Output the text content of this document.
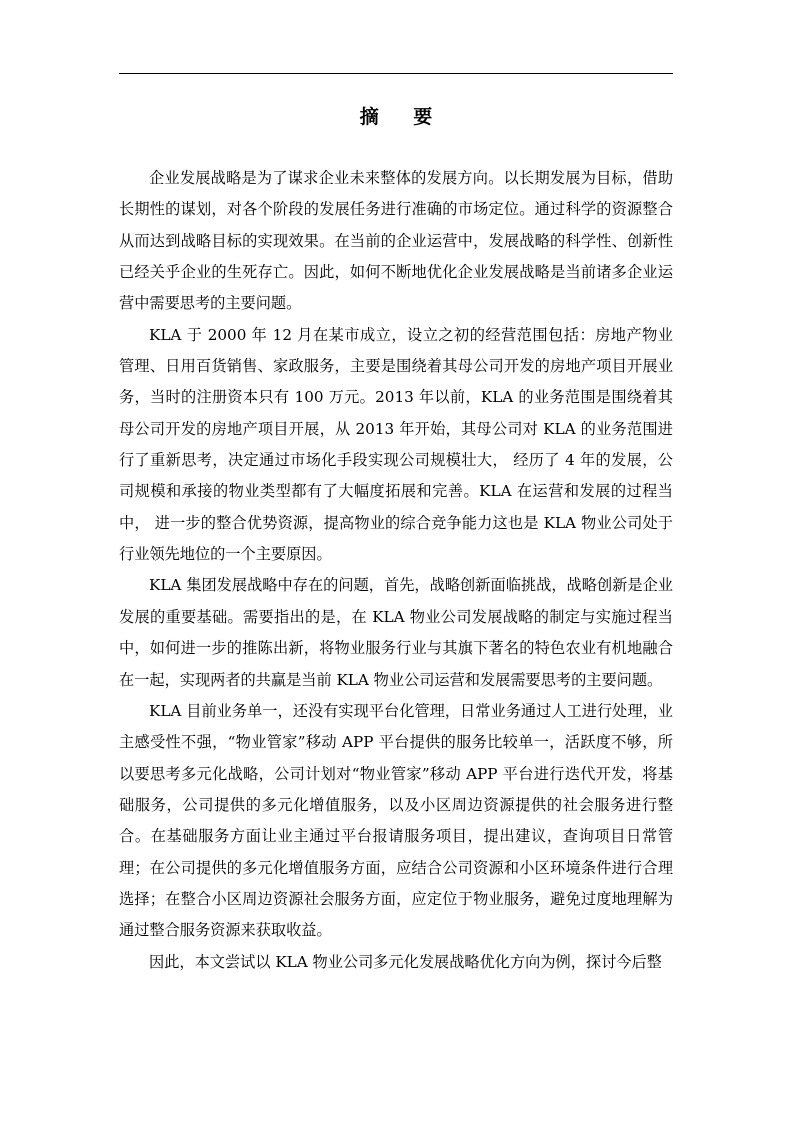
摘 要

企业发展战略是为了谋求企业未来整体的发展方向。以长期发展为目标，借助长期性的谋划，对各个阶段的发展任务进行准确的市场定位。通过科学的资源整合从而达到战略目标的实现效果。在当前的企业运营中，发展战略的科学性、创新性已经关乎企业的生死存亡。因此，如何不断地优化企业发展战略是当前诸多企业运营中需要思考的主要问题。

KLA 于 2000 年 12 月在某市成立，设立之初的经营范围包括：房地产物业管理、日用百货销售、家政服务，主要是围绕着其母公司开发的房地产项目开展业务，当时的注册资本只有 100 万元。2013 年以前，KLA 的业务范围是围绕着其母公司开发的房地产项目开展，从 2013 年开始，其母公司对 KLA 的业务范围进行了重新思考，决定通过市场化手段实现公司规模壮大， 经历了 4 年的发展，公司规模和承接的物业类型都有了大幅度拓展和完善。KLA 在运营和发展的过程当中， 进一步的整合优势资源，提高物业的综合竞争能力这也是 KLA 物业公司处于行业领先地位的一个主要原因。

KLA 集团发展战略中存在的问题，首先，战略创新面临挑战，战略创新是企业发展的重要基础。需要指出的是，在 KLA 物业公司发展战略的制定与实施过程当中，如何进一步的推陈出新，将物业服务行业与其旗下著名的特色农业有机地融合在一起，实现两者的共赢是当前 KLA 物业公司运营和发展需要思考的主要问题。

KLA 目前业务单一，还没有实现平台化管理，日常业务通过人工进行处理，业主感受性不强，“物业管家”移动 APP 平台提供的服务比较单一，活跃度不够，所以要思考多元化战略，公司计划对“物业管家”移动 APP 平台进行迭代开发，将基础服务，公司提供的多元化增值服务，以及小区周边资源提供的社会服务进行整合。在基础服务方面让业主通过平台报请服务项目，提出建议，查询项目日常管理；在公司提供的多元化增值服务方面，应结合公司资源和小区环境条件进行合理选择；在整合小区周边资源社会服务方面，应定位于物业服务，避免过度地理解为通过整合服务资源来获取收益。

因此，本文尝试以 KLA 物业公司多元化发展战略优化方向为例，探讨今后整
